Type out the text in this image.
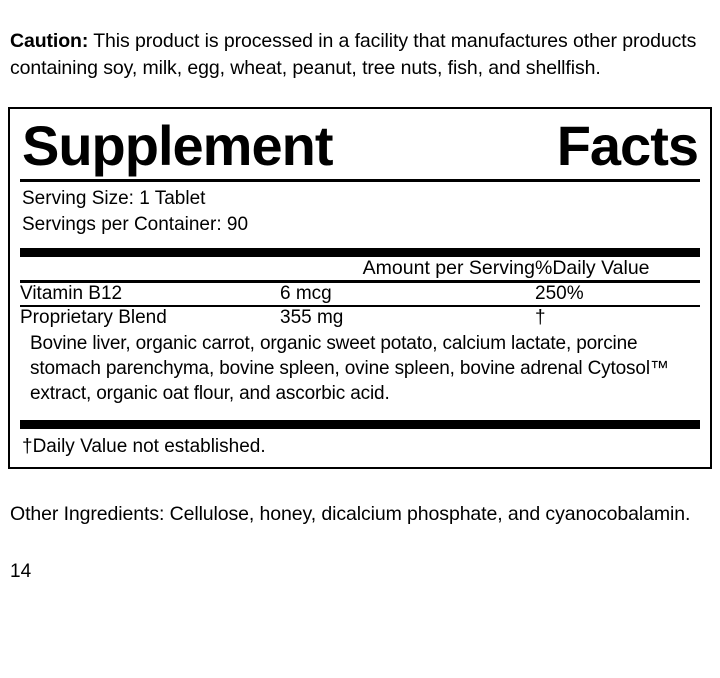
Caution: This product is processed in a facility that manufactures other products containing soy, milk, egg, wheat, peanut, tree nuts, fish, and shellfish.

Supplement	Facts
Serving Size: 1 Tablet
Servings per Container: 90
	Amount per Serving	%Daily Value
Vitamin B12	6 mcg	250%
Proprietary Blend	355 mg	†
Bovine liver, organic carrot, organic sweet potato, calcium lactate, porcine stomach parenchyma, bovine spleen, ovine spleen, bovine adrenal Cytosol™ extract, organic oat flour, and ascorbic acid.
†Daily Value not established.

Other Ingredients: Cellulose, honey, dicalcium phosphate, and cyanocobalamin.

14
